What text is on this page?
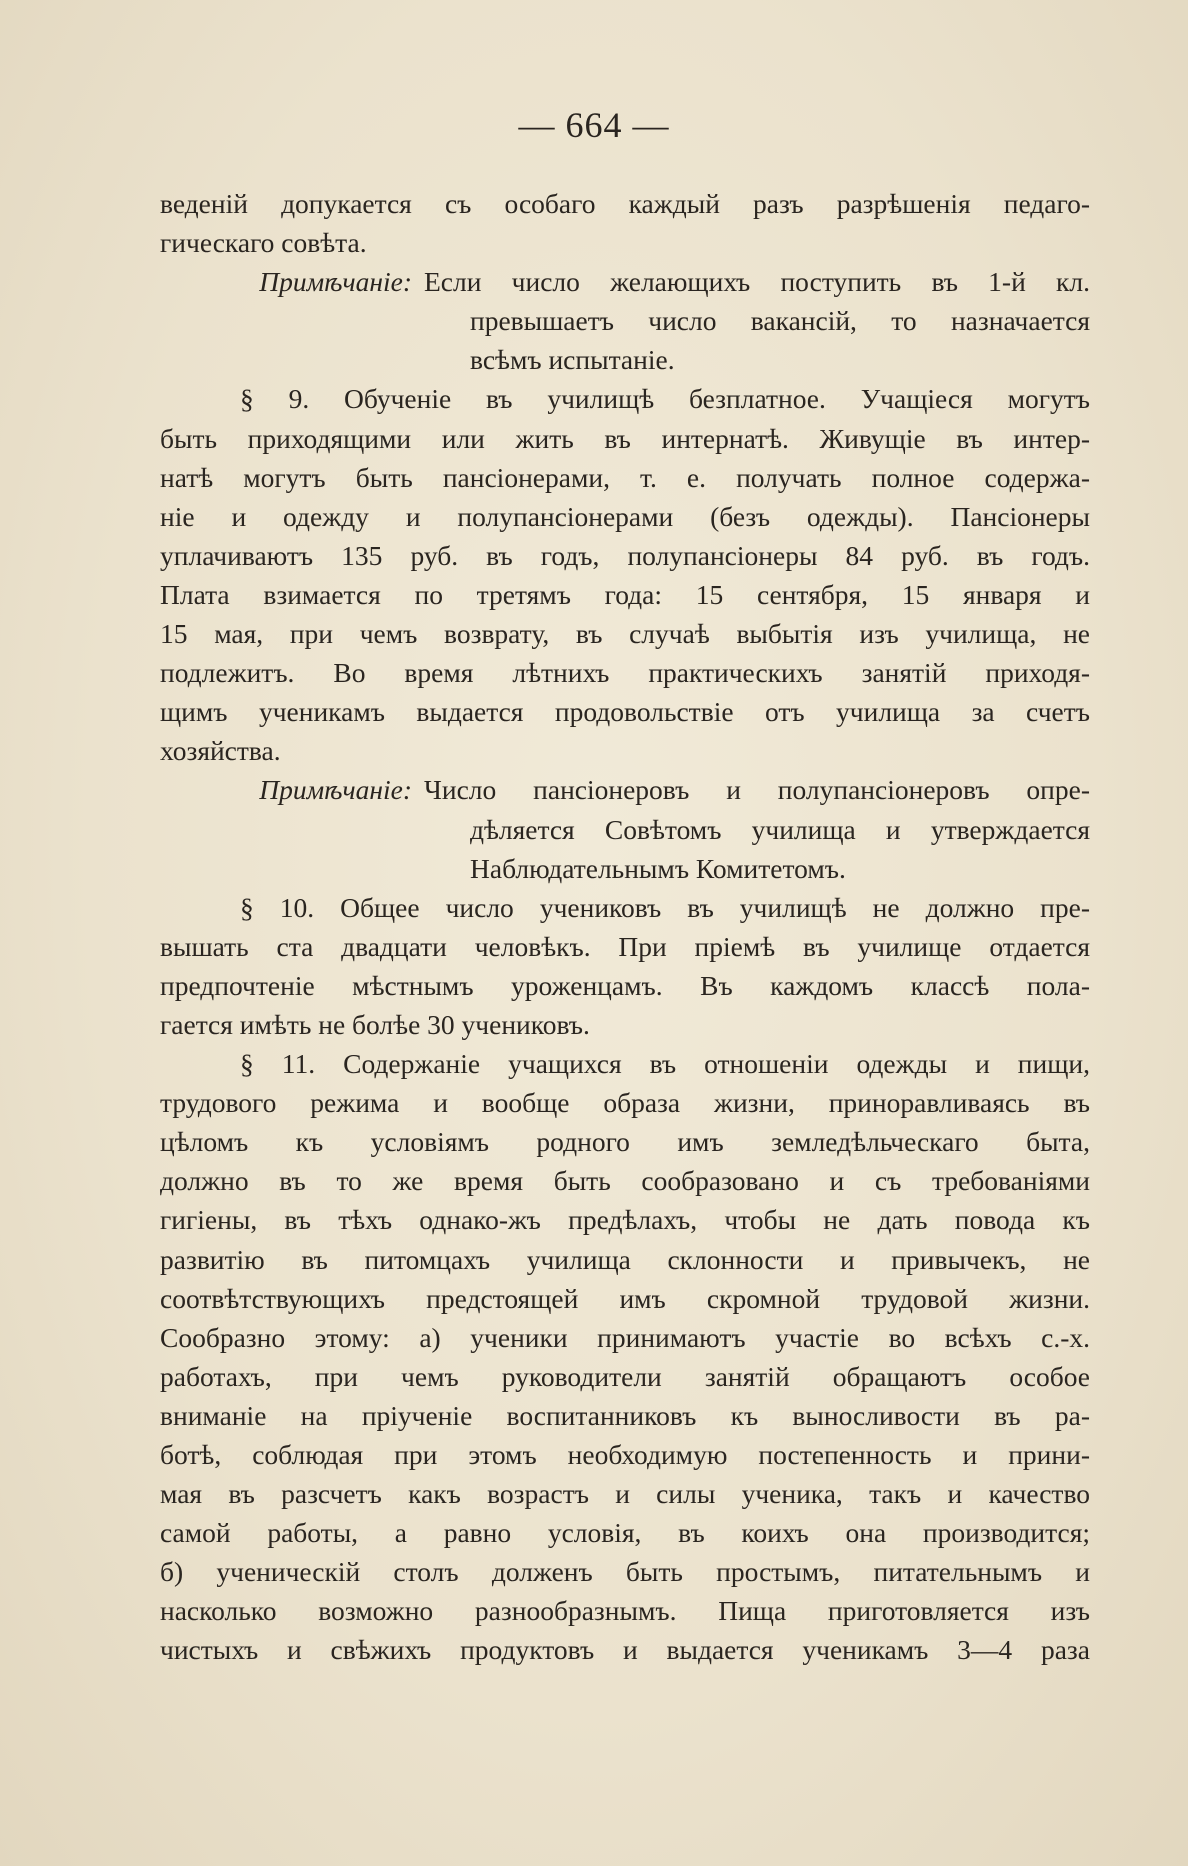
— 664 —
веденій допукается съ особаго каждый разъ разрѣшенія педаго-
гическаго совѣта.
Примѣчаніе: Если число желающихъ поступить въ 1-й кл.
превышаетъ число вакансій, то назначается
всѣмъ испытаніе.
§ 9. Обученіе въ училищѣ безплатное. Учащіеся могутъ
быть приходящими или жить въ интернатѣ. Живущіе въ интер-
натѣ могутъ быть пансіонерами, т. е. получать полное содержа-
ніе и одежду и полупансіонерами (безъ одежды). Пансіонеры
уплачиваютъ 135 руб. въ годъ, полупансіонеры 84 руб. въ годъ.
Плата взимается по третямъ года: 15 сентября, 15 января и
15 мая, при чемъ возврату, въ случаѣ выбытія изъ училища, не
подлежитъ. Во время лѣтнихъ практическихъ занятій приходя-
щимъ ученикамъ выдается продовольствіе отъ училища за счетъ
хозяйства.
Примѣчаніе: Число пансіонеровъ и полупансіонеровъ опре-
дѣляется Совѣтомъ училища и утверждается
Наблюдательнымъ Комитетомъ.
§ 10. Общее число учениковъ въ училищѣ не должно пре-
вышать ста двадцати человѣкъ. При пріемѣ въ училище отдается
предпочтеніе мѣстнымъ уроженцамъ. Въ каждомъ классѣ пола-
гается имѣть не болѣе 30 учениковъ.
§ 11. Содержаніе учащихся въ отношеніи одежды и пищи,
трудового режима и вообще образа жизни, приноравливаясь въ
цѣломъ къ условіямъ родного имъ земледѣльческаго быта,
должно въ то же время быть сообразовано и съ требованіями
гигіены, въ тѣхъ однако-жъ предѣлахъ, чтобы не дать повода къ
развитію въ питомцахъ училища склонности и привычекъ, не
соотвѣтствующихъ предстоящей имъ скромной трудовой жизни.
Сообразно этому: а) ученики принимаютъ участіе во всѣхъ с.-х.
работахъ, при чемъ руководители занятій обращаютъ особое
вниманіе на пріученіе воспитанниковъ къ выносливости въ ра-
ботѣ, соблюдая при этомъ необходимую постепенность и прини-
мая въ разсчетъ какъ возрастъ и силы ученика, такъ и качество
самой работы, а равно условія, въ коихъ она производится;
б) ученическій столъ долженъ быть простымъ, питательнымъ и
насколько возможно разнообразнымъ. Пища приготовляется изъ
чистыхъ и свѣжихъ продуктовъ и выдается ученикамъ 3—4 раза
